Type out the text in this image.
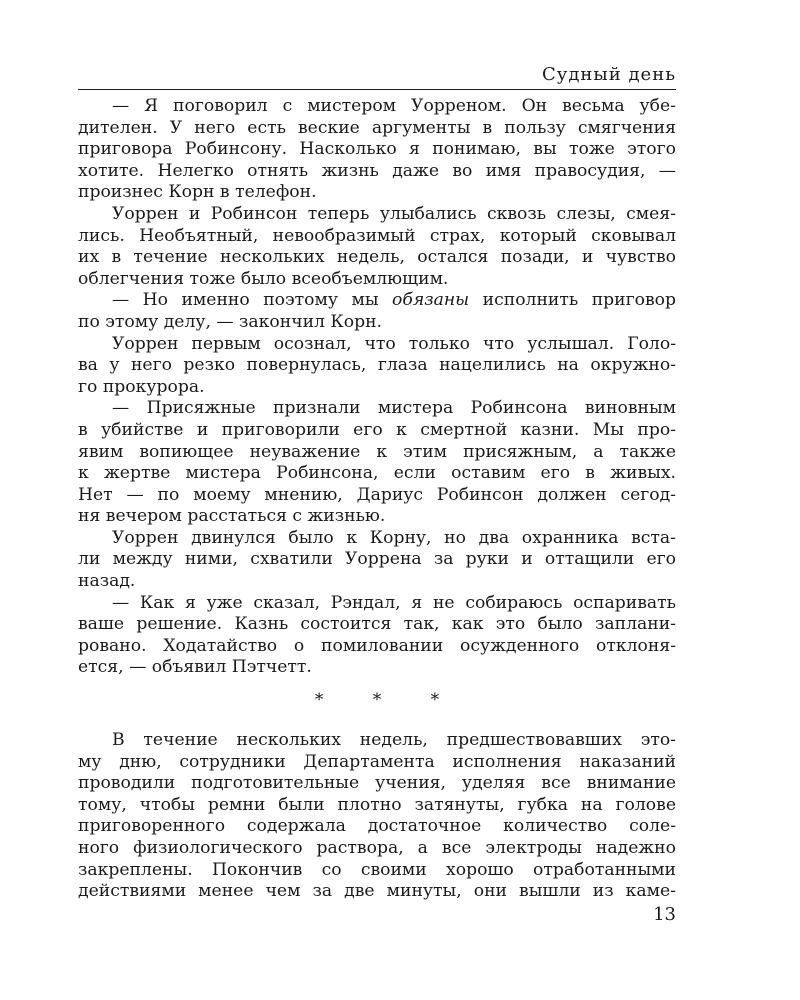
Судный день
— Я поговорил с мистером Уорреном. Он весьма убе-
дителен. У него есть веские аргументы в пользу смягчения
приговора Робинсону. Насколько я понимаю, вы тоже этого
хотите. Нелегко отнять жизнь даже во имя правосудия, —
произнес Корн в телефон.
Уоррен и Робинсон теперь улыбались сквозь слезы, смея-
лись. Необъятный, невообразимый страх, который сковывал
их в течение нескольких недель, остался позади, и чувство
облегчения тоже было всеобъемлющим.
— Но именно поэтому мы обязаны исполнить приговор
по этому делу, — закончил Корн.
Уоррен первым осознал, что только что услышал. Голо-
ва у него резко повернулась, глаза нацелились на окружно-
го прокурора.
— Присяжные признали мистера Робинсона виновным
в убийстве и приговорили его к смертной казни. Мы про-
явим вопиющее неуважение к этим присяжным, а также
к жертве мистера Робинсона, если оставим его в живых.
Нет — по моему мнению, Дариус Робинсон должен сегод-
ня вечером расстаться с жизнью.
Уоррен двинулся было к Корну, но два охранника вста-
ли между ними, схватили Уоррена за руки и оттащили его
назад.
— Как я уже сказал, Рэндал, я не собираюсь оспаривать
ваше решение. Казнь состоится так, как это было заплани-
ровано. Ходатайство о помиловании осужденного отклоня-
ется, — объявил Пэтчетт.
* * *
В течение нескольких недель, предшествовавших это-
му дню, сотрудники Департамента исполнения наказаний
проводили подготовительные учения, уделяя все внимание
тому, чтобы ремни были плотно затянуты, губка на голове
приговоренного содержала достаточное количество соле-
ного физиологического раствора, а все электроды надежно
закреплены. Покончив со своими хорошо отработанными
действиями менее чем за две минуты, они вышли из каме-
13
